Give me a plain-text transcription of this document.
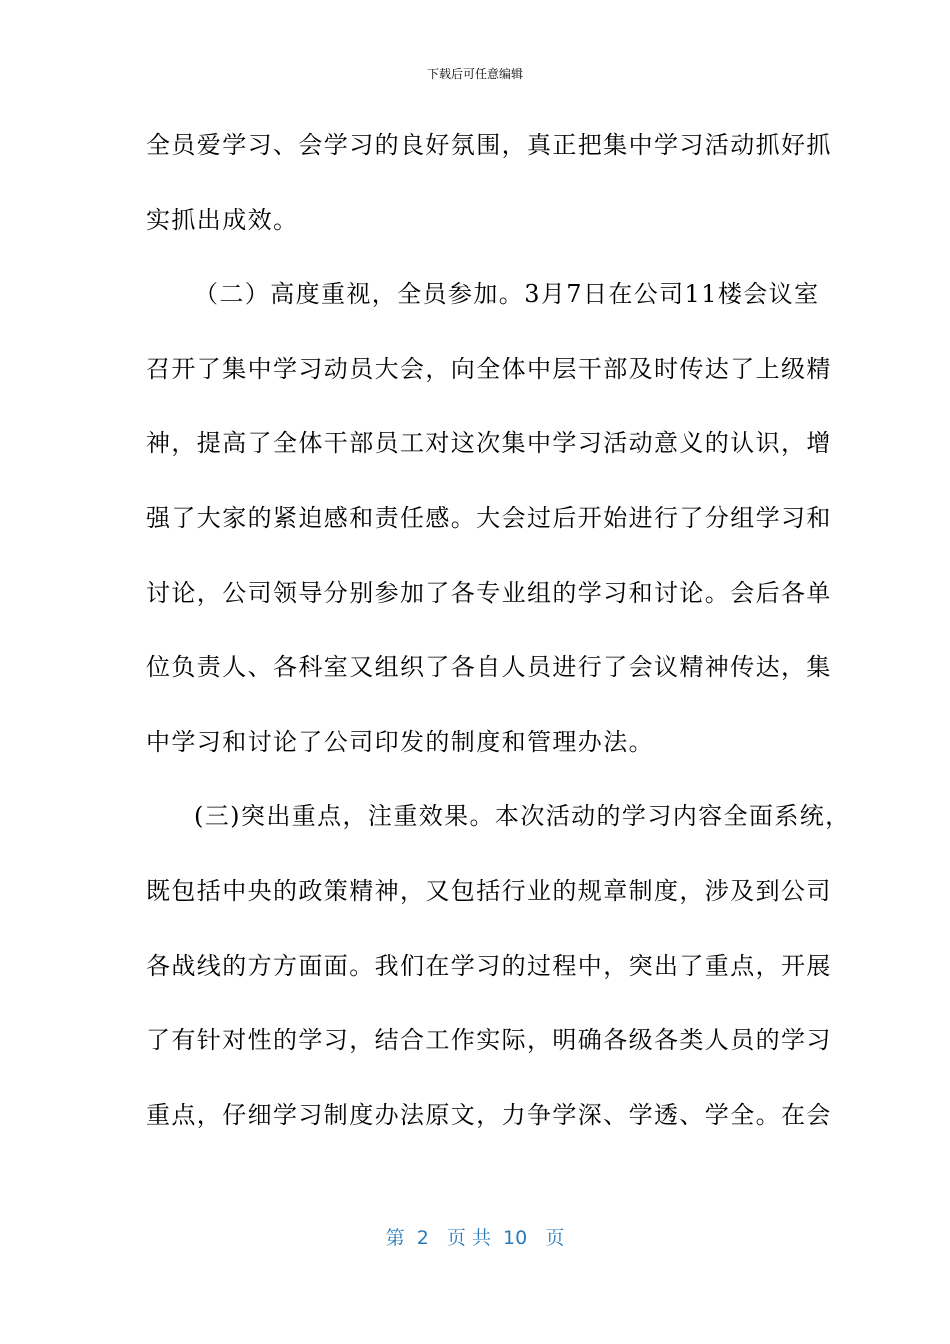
下载后可任意编辑
全员爱学习、会学习的良好氛围，真正把集中学习活动抓好抓
实抓出成效。
（二）高度重视，全员参加。3月7日在公司11楼会议室
召开了集中学习动员大会，向全体中层干部及时传达了上级精
神，提高了全体干部员工对这次集中学习活动意义的认识，增
强了大家的紧迫感和责任感。大会过后开始进行了分组学习和
讨论，公司领导分别参加了各专业组的学习和讨论。会后各单
位负责人、各科室又组织了各自人员进行了会议精神传达，集
中学习和讨论了公司印发的制度和管理办法。
(三)突出重点，注重效果。本次活动的学习内容全面系统，
既包括中央的政策精神，又包括行业的规章制度，涉及到公司
各战线的方方面面。我们在学习的过程中，突出了重点，开展
了有针对性的学习，结合工作实际，明确各级各类人员的学习
重点，仔细学习制度办法原文，力争学深、学透、学全。在会
第  2   页 共  10   页
